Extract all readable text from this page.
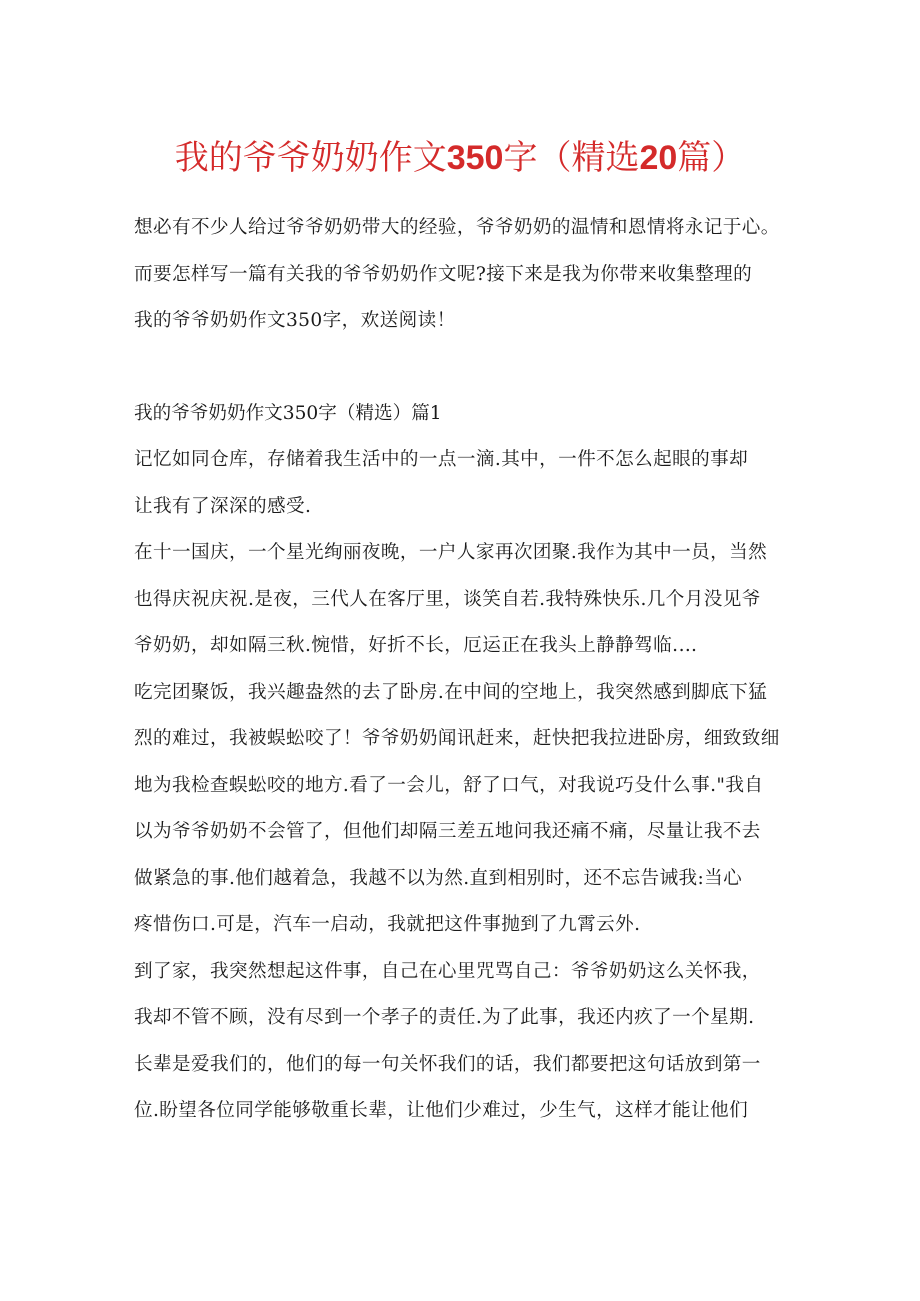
我的爷爷奶奶作文350字（精选20篇）

想必有不少人给过爷爷奶奶带大的经验，爷爷奶奶的温情和恩情将永记于心。
而要怎样写一篇有关我的爷爷奶奶作文呢?接下来是我为你带来收集整理的
我的爷爷奶奶作文350字，欢送阅读！

我的爷爷奶奶作文350字（精选）篇1

记忆如同仓库，存储着我生活中的一点一滴.其中，一件不怎么起眼的事却
让我有了深深的感受.

在十一国庆，一个星光绚丽夜晚，一户人家再次团聚.我作为其中一员，当然
也得庆祝庆祝.是夜，三代人在客厅里，谈笑自若.我特殊快乐.几个月没见爷
爷奶奶，却如隔三秋.惋惜，好折不长，厄运正在我头上静静驾临.…

吃完团聚饭，我兴趣盎然的去了卧房.在中间的空地上，我突然感到脚底下猛
烈的难过，我被蜈蚣咬了！爷爷奶奶闻讯赶来，赶快把我拉进卧房，细致致细
地为我检查蜈蚣咬的地方.看了一会儿，舒了口气，对我说巧殳什么事."我自
以为爷爷奶奶不会管了，但他们却隔三差五地问我还痛不痛，尽量让我不去
做紧急的事.他们越着急，我越不以为然.直到相别时，还不忘告诫我:当心
疼惜伤口.可是，汽车一启动，我就把这件事抛到了九霄云外.

到了家，我突然想起这件事，自己在心里咒骂自己：爷爷奶奶这么关怀我，
我却不管不顾，没有尽到一个孝子的责任.为了此事，我还内疚了一个星期.
长辈是爱我们的，他们的每一句关怀我们的话，我们都要把这句话放到第一
位.盼望各位同学能够敬重长辈，让他们少难过，少生气，这样才能让他们
